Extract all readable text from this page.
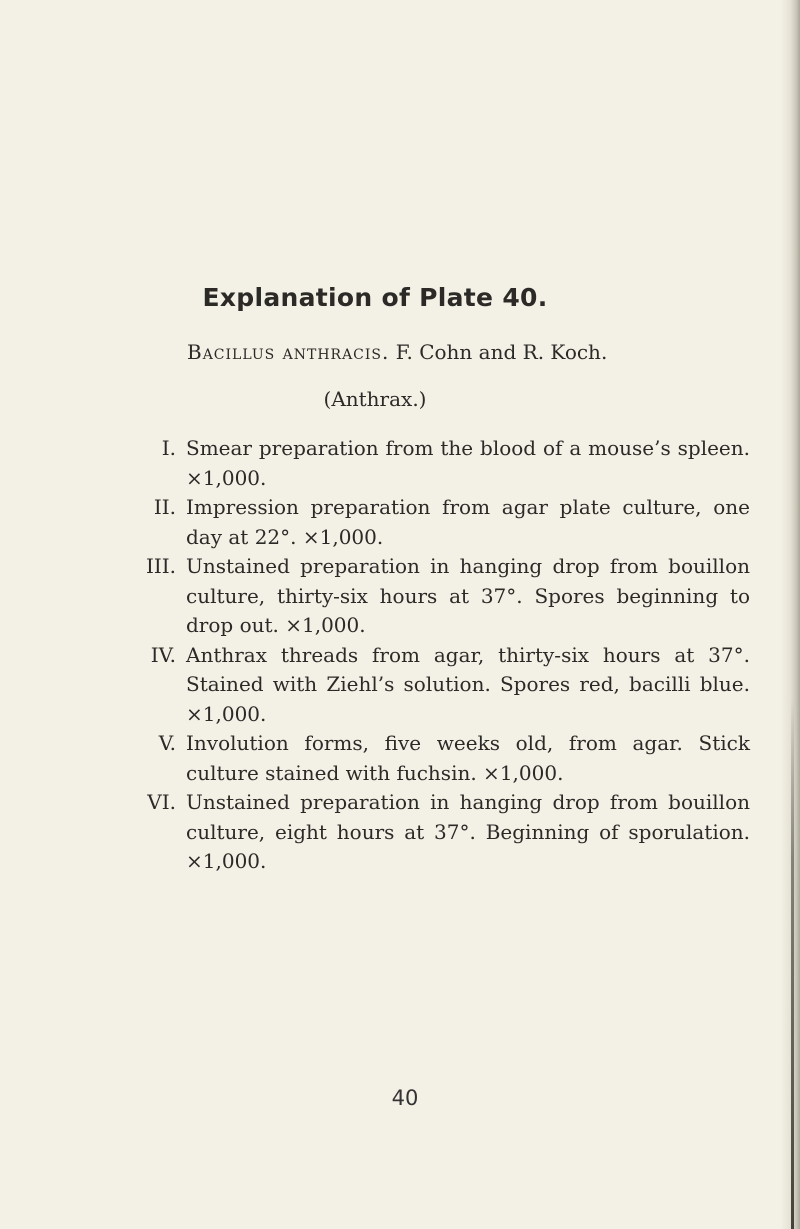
Explanation of Plate 40.
Bacillus anthracis. F. Cohn and R. Koch.
(Anthrax.)
I. Smear preparation from the blood of a mouse’s spleen. ×1,000.
II. Impression preparation from agar plate culture, one day at 22°. ×1,000.
III. Unstained preparation in hanging drop from bouillon culture, thirty-six hours at 37°. Spores beginning to drop out. ×1,000.
IV. Anthrax threads from agar, thirty-six hours at 37°. Stained with Ziehl’s solution. Spores red, bacilli blue. ×1,000.
V. Involution forms, five weeks old, from agar. Stick culture stained with fuchsin. ×1,000.
VI. Unstained preparation in hanging drop from bouillon culture, eight hours at 37°. Beginning of sporulation. ×1,000.
40
